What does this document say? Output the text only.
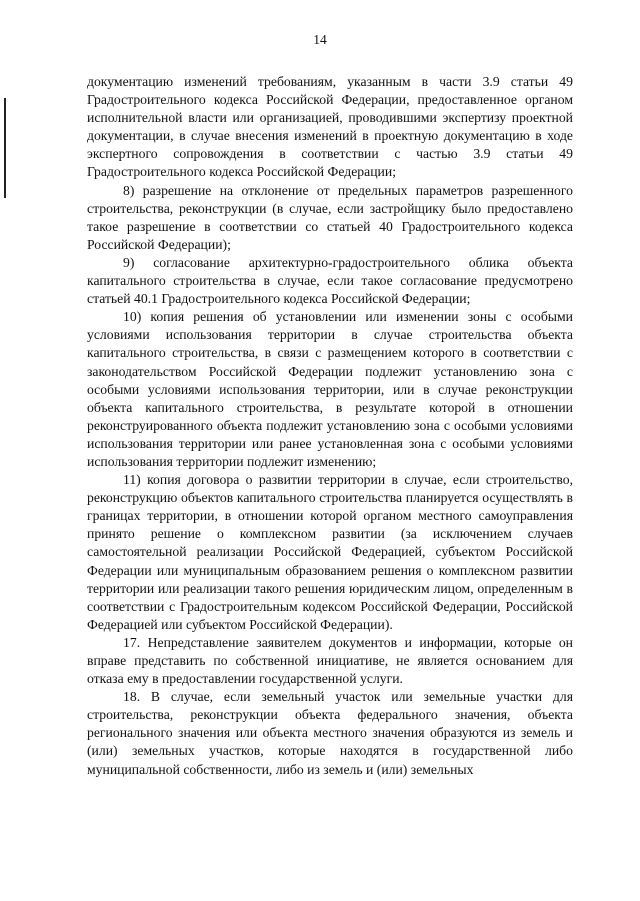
14

документацию изменений требованиям, указанным в части 3.9 статьи 49 Градостроительного кодекса Российской Федерации, предоставленное органом исполнительной власти или организацией, проводившими экспертизу проектной документации, в случае внесения изменений в проектную документацию в ходе экспертного сопровождения в соответствии с частью 3.9 статьи 49 Градостроительного кодекса Российской Федерации;

8) разрешение на отклонение от предельных параметров разрешенного строительства, реконструкции (в случае, если застройщику было предоставлено такое разрешение в соответствии со статьей 40 Градостроительного кодекса Российской Федерации);

9) согласование архитектурно-градостроительного облика объекта капитального строительства в случае, если такое согласование предусмотрено статьей 40.1 Градостроительного кодекса Российской Федерации;

10) копия решения об установлении или изменении зоны с особыми условиями использования территории в случае строительства объекта капитального строительства, в связи с размещением которого в соответствии с законодательством Российской Федерации подлежит установлению зона с особыми условиями использования территории, или в случае реконструкции объекта капитального строительства, в результате которой в отношении реконструированного объекта подлежит установлению зона с особыми условиями использования территории или ранее установленная зона с особыми условиями использования территории подлежит изменению;

11) копия договора о развитии территории в случае, если строительство, реконструкцию объектов капитального строительства планируется осуществлять в границах территории, в отношении которой органом местного самоуправления принято решение о комплексном развитии (за исключением случаев самостоятельной реализации Российской Федерацией, субъектом Российской Федерации или муниципальным образованием решения о комплексном развитии территории или реализации такого решения юридическим лицом, определенным в соответствии с Градостроительным кодексом Российской Федерации, Российской Федерацией или субъектом Российской Федерации).

17. Непредставление заявителем документов и информации, которые он вправе представить по собственной инициативе, не является основанием для отказа ему в предоставлении государственной услуги.

18. В случае, если земельный участок или земельные участки для строительства, реконструкции объекта федерального значения, объекта регионального значения или объекта местного значения образуются из земель и (или) земельных участков, которые находятся в государственной либо муниципальной собственности, либо из земель и (или) земельных
